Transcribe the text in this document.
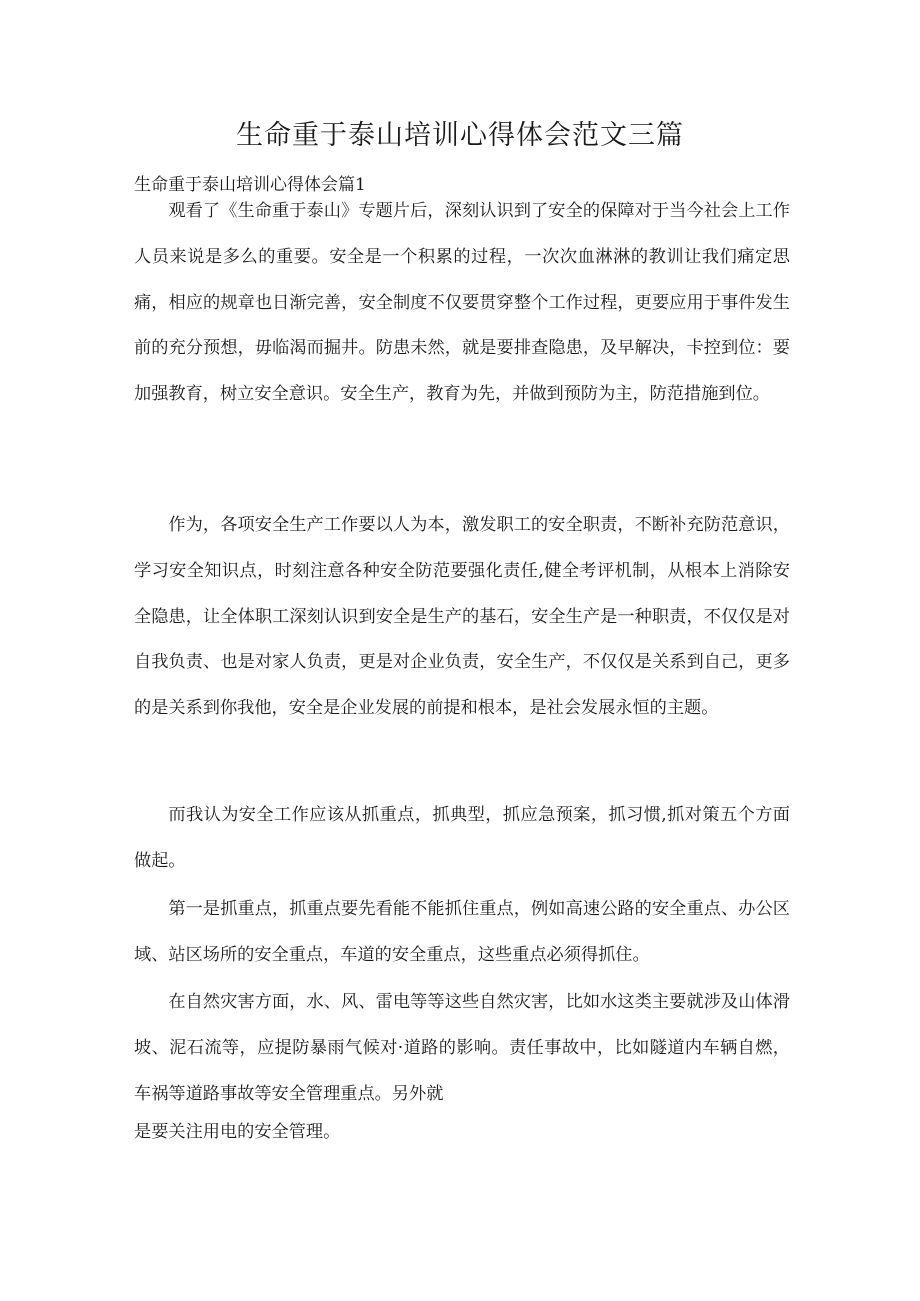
生命重于泰山培训心得体会范文三篇
生命重于泰山培训心得体会篇1

观看了《生命重于泰山》专题片后，深刻认识到了安全的保障对于当今社会上工作人员来说是多么的重要。安全是一个积累的过程，一次次血淋淋的教训让我们痛定思痛，相应的规章也日渐完善，安全制度不仅要贯穿整个工作过程，更要应用于事件发生前的充分预想，毋临渴而掘井。防患未然，就是要排查隐患，及早解决，卡控到位：要加强教育，树立安全意识。安全生产，教育为先，并做到预防为主，防范措施到位。

作为，各项安全生产工作要以人为本，激发职工的安全职责，不断补充防范意识，学习安全知识点，时刻注意各种安全防范要强化责任,健全考评机制，从根本上消除安全隐患，让全体职工深刻认识到安全是生产的基石，安全生产是一种职责，不仅仅是对自我负责、也是对家人负责，更是对企业负责，安全生产，不仅仅是关系到自己，更多的是关系到你我他，安全是企业发展的前提和根本，是社会发展永恒的主题。

而我认为安全工作应该从抓重点，抓典型，抓应急预案，抓习惯,抓对策五个方面做起。

第一是抓重点，抓重点要先看能不能抓住重点，例如高速公路的安全重点、办公区域、站区场所的安全重点，车道的安全重点，这些重点必须得抓住。

在自然灾害方面，水、风、雷电等等这些自然灾害，比如水这类主要就涉及山体滑坡、泥石流等，应提防暴雨气候对·道路的影响。责任事故中，比如隧道内车辆自燃，车祸等道路事故等安全管理重点。另外就

是要关注用电的安全管理。
